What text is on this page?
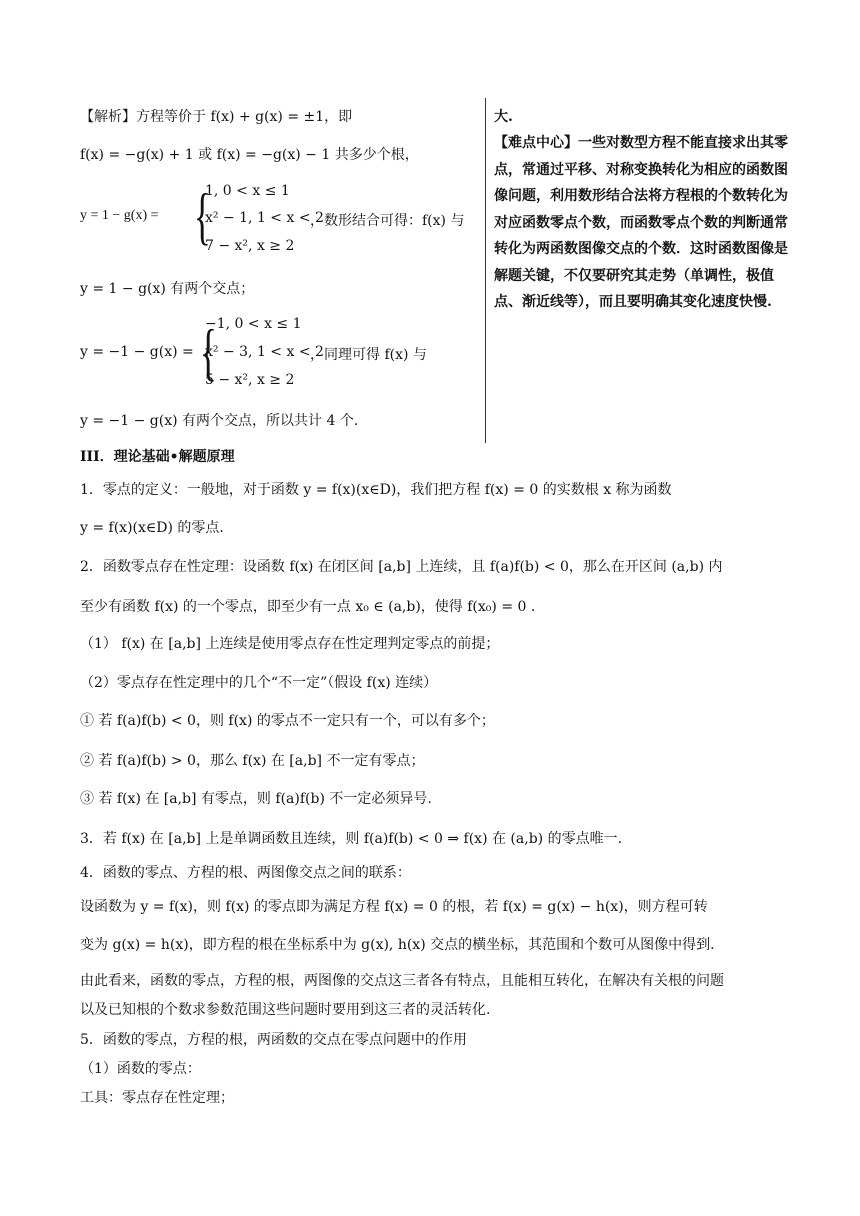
【解析】方程等价于 f(x) + g(x) = ±1，即
f(x) = −g(x) + 1 或 f(x) = −g(x) − 1 共多少个根，
y = 1 − g(x) = {
1, 0 < x ≤ 1
x² − 1, 1 < x < 2
7 − x², x ≥ 2
，数形结合可得：f(x) 与
y = 1 − g(x) 有两个交点；
y = −1 − g(x) = {
−1, 0 < x ≤ 1
x² − 3, 1 < x < 2
5 − x², x ≥ 2
，同理可得 f(x) 与
y = −1 − g(x) 有两个交点，所以共计 4 个.
大.
【难点中心】一些对数型方程不能直接求出其零点，常通过平移、对称变换转化为相应的函数图像问题，利用数形结合法将方程根的个数转化为对应函数零点个数，而函数零点个数的判断通常转化为两函数图像交点的个数．这时函数图像是解题关键，不仅要研究其走势（单调性，极值点、渐近线等），而且要明确其变化速度快慢.
III．理论基础•解题原理
1．零点的定义：一般地，对于函数 y = f(x)(x∈D)，我们把方程 f(x) = 0 的实数根 x 称为函数
y = f(x)(x∈D) 的零点.
2．函数零点存在性定理：设函数 f(x) 在闭区间 [a,b] 上连续，且 f(a)f(b) < 0，那么在开区间 (a,b) 内
至少有函数 f(x) 的一个零点，即至少有一点 x₀ ∈ (a,b)，使得 f(x₀) = 0 .
（1） f(x) 在 [a,b] 上连续是使用零点存在性定理判定零点的前提；
（2）零点存在性定理中的几个“不一定”（假设 f(x) 连续）
① 若 f(a)f(b) < 0，则 f(x) 的零点不一定只有一个，可以有多个；
② 若 f(a)f(b) > 0，那么 f(x) 在 [a,b] 不一定有零点；
③ 若 f(x) 在 [a,b] 有零点，则 f(a)f(b) 不一定必须异号.
3．若 f(x) 在 [a,b] 上是单调函数且连续，则 f(a)f(b) < 0 ⇒ f(x) 在 (a,b) 的零点唯一.
4．函数的零点、方程的根、两图像交点之间的联系：
设函数为 y = f(x)，则 f(x) 的零点即为满足方程 f(x) = 0 的根，若 f(x) = g(x) − h(x)，则方程可转
变为 g(x) = h(x)，即方程的根在坐标系中为 g(x), h(x) 交点的横坐标，其范围和个数可从图像中得到.
由此看来，函数的零点，方程的根，两图像的交点这三者各有特点，且能相互转化，在解决有关根的问题
以及已知根的个数求参数范围这些问题时要用到这三者的灵活转化.
5．函数的零点，方程的根，两函数的交点在零点问题中的作用
（1）函数的零点：
工具：零点存在性定理；
